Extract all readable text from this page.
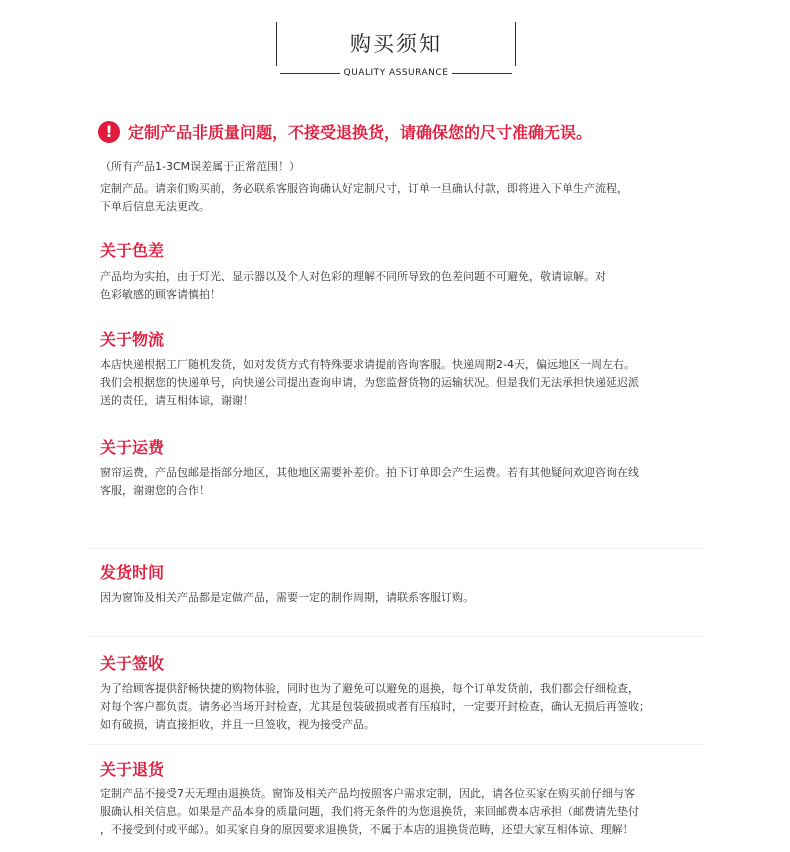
购买须知
QUALITY ASSURANCE
! 定制产品非质量问题，不接受退换货，请确保您的尺寸准确无误。

（所有产品1-3CM误差属于正常范围！）

定制产品。请亲们购买前，务必联系客服咨询确认好定制尺寸，订单一旦确认付款，即将进入下单生产流程，

下单后信息无法更改。

关于色差

产品均为实拍，由于灯光、显示器以及个人对色彩的理解不同所导致的色差问题不可避免，敬请谅解。对

色彩敏感的顾客请慎拍！

关于物流

本店快递根据工厂随机发货，如对发货方式有特殊要求请提前咨询客服。快递周期2-4天，偏远地区一周左右。

我们会根据您的快递单号，向快递公司提出查询申请，为您监督货物的运输状况。但是我们无法承担快递延迟派

送的责任，请互相体谅，谢谢！

关于运费

窗帘运费，产品包邮是指部分地区，其他地区需要补差价。拍下订单即会产生运费。若有其他疑问欢迎咨询在线

客服，谢谢您的合作！

发货时间

因为窗饰及相关产品都是定做产品，需要一定的制作周期，请联系客服订购。

关于签收

为了给顾客提供舒畅快捷的购物体验，同时也为了避免可以避免的退换，每个订单发货前，我们都会仔细检查，

对每个客户都负责。请务必当场开封检查，尤其是包装破损或者有压痕时，一定要开封检查，确认无损后再签收；

如有破损，请直接拒收，并且一旦签收，视为接受产品。

关于退货

定制产品不接受7天无理由退换货。窗饰及相关产品均按照客户需求定制，因此，请各位买家在购买前仔细与客

服确认相关信息。如果是产品本身的质量问题，我们将无条件的为您退换货，来回邮费本店承担（邮费请先垫付

，不接受到付或平邮）。如买家自身的原因要求退换货，不属于本店的退换货范畴，还望大家互相体谅、理解！
